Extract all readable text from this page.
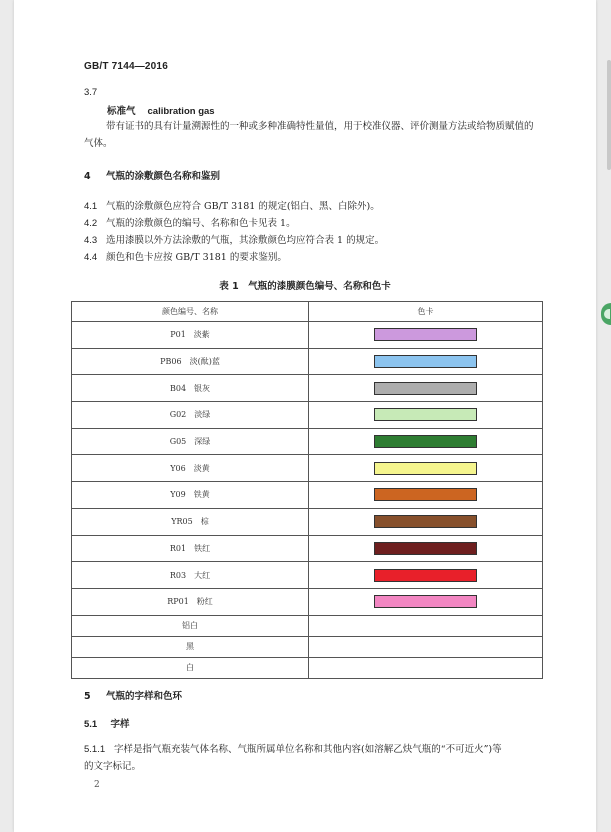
GB/T 7144—2016
3.7
标准气 calibration gas
带有证书的具有计量溯源性的一种或多种准确特性量值，用于校准仪器、评价测量方法或给物质赋值的气体。
4 气瓶的涂敷颜色名称和鉴别
4.1 气瓶的涂敷颜色应符合 GB/T 3181 的规定(铝白、黑、白除外)。
4.2 气瓶的涂敷颜色的编号、名称和色卡见表 1。
4.3 选用漆膜以外方法涂敷的气瓶，其涂敷颜色均应符合表 1 的规定。
4.4 颜色和色卡应按 GB/T 3181 的要求鉴别。
表 1　气瓶的漆膜颜色编号、名称和色卡
颜色编号、名称	色卡
P01 淡紫	
PB06 淡(酞)蓝	
B04 银灰	
G02 淡绿	
G05 深绿	
Y06 淡黄	
Y09 铁黄	
YR05 棕	
R01 铁红	
R03 大红	
RP01 粉红	
铝白	
黑	
白	
5 气瓶的字样和色环
5.1 字样
5.1.1 字样是指气瓶充装气体名称、气瓶所属单位名称和其他内容(如溶解乙炔气瓶的“不可近火”)等
的文字标记。
2
